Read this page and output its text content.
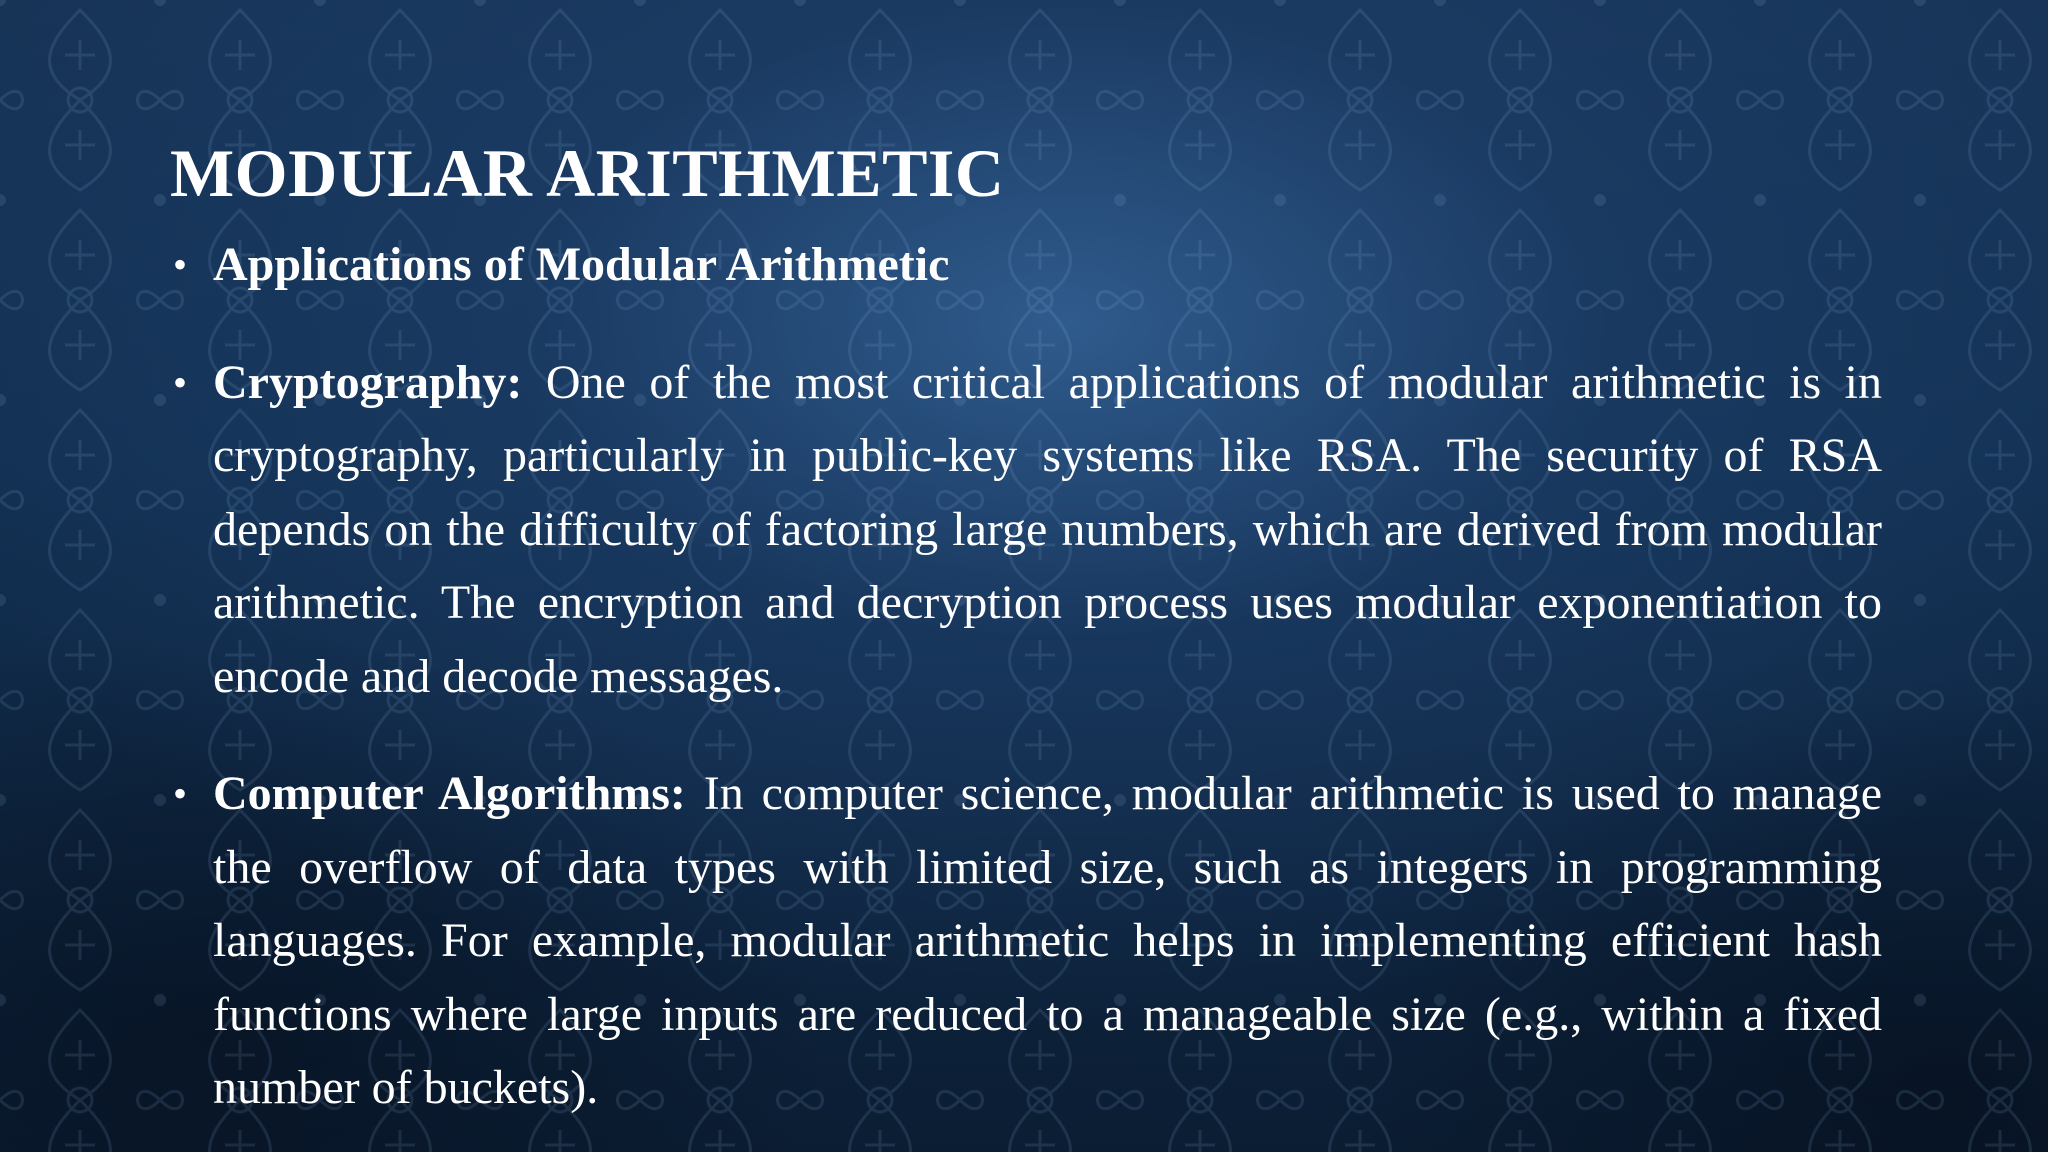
MODULAR ARITHMETIC
• Applications of Modular Arithmetic
• Cryptography: One of the most critical applications of modular arithmetic is in cryptography, particularly in public-key systems like RSA. The security of RSA depends on the difficulty of factoring large numbers, which are derived from modular arithmetic. The encryption and decryption process uses modular exponentiation to encode and decode messages.
• Computer Algorithms: In computer science, modular arithmetic is used to manage the overflow of data types with limited size, such as integers in programming languages. For example, modular arithmetic helps in implementing efficient hash functions where large inputs are reduced to a manageable size (e.g., within a fixed number of buckets).
